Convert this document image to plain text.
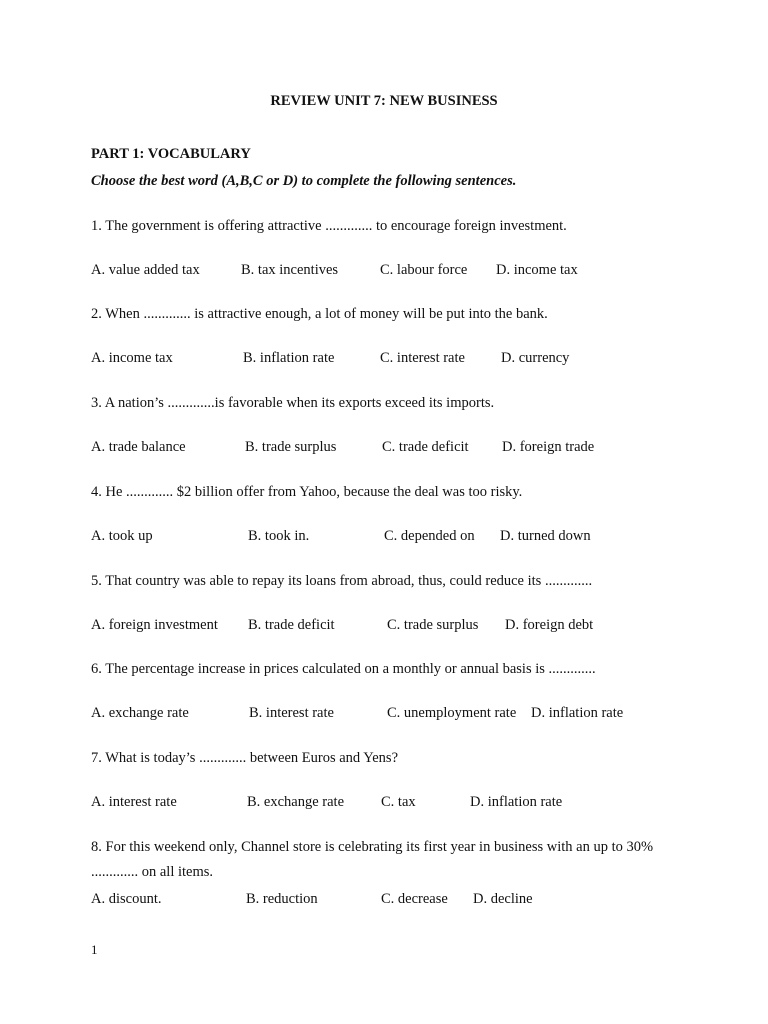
REVIEW UNIT 7: NEW BUSINESS
PART 1: VOCABULARY
Choose the best word (A,B,C or D) to complete the following sentences.
1. The government is offering attractive ............. to encourage foreign investment.
A. value added tax	B. tax incentives	C. labour force D. income tax
2. When ............. is attractive enough, a lot of money will be put into the bank.
A. income tax	B. inflation rate	C. interest rate D. currency
3. A nation’s .............is favorable when its exports exceed its imports.
A. trade balance	B. trade surplus	C. trade deficit D. foreign trade
4. He ............. $2 billion offer from Yahoo, because the deal was too risky.
A. took up	B. took in.	C. depended on D. turned down
5. That country was able to repay its loans from abroad, thus, could reduce its .............
A. foreign investment B. trade deficit	C. trade surplus D. foreign debt
6. The percentage increase in prices calculated on a monthly or annual basis is .............
A. exchange rate	B. interest rate	C. unemployment rate D. inflation rate
7. What is today’s ............. between Euros and Yens?
A. interest rate	B. exchange rate	C. tax	D. inflation rate
8. For this weekend only, Channel store is celebrating its first year in business with an up to 30%
............. on all items.
A. discount.	B. reduction	C. decrease D. decline
1
